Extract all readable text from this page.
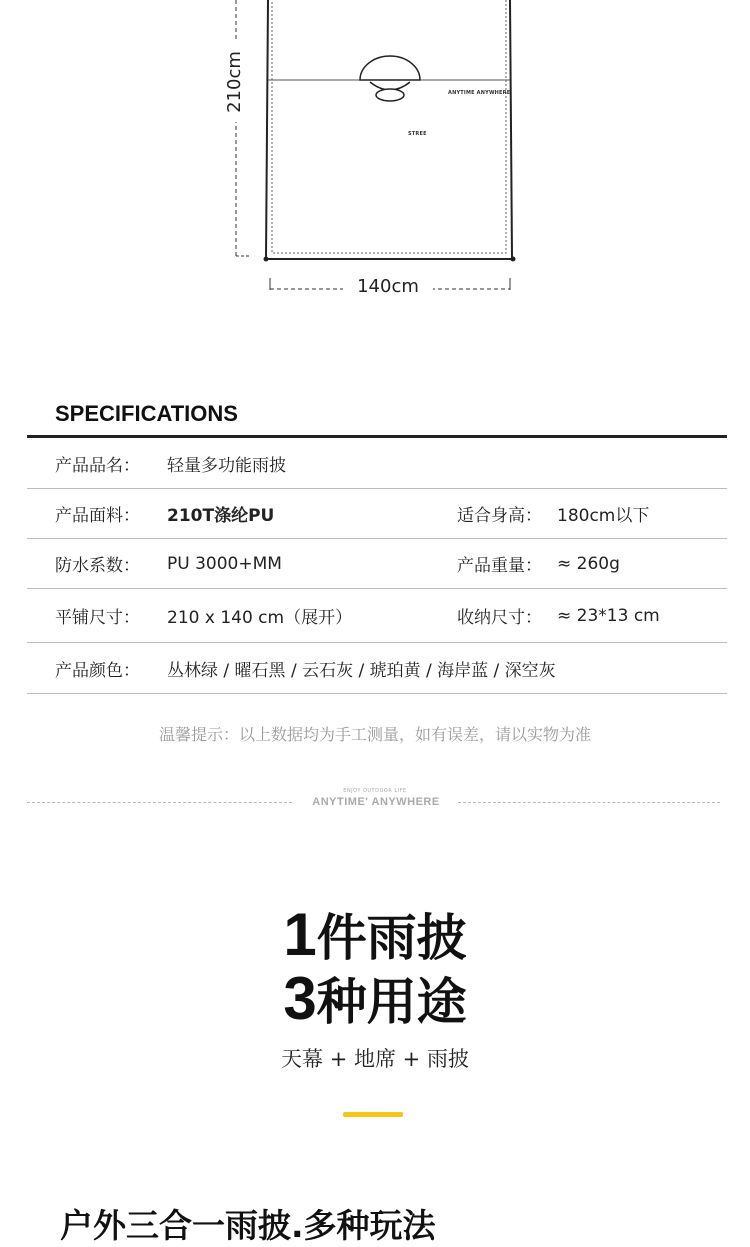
ANYTIME ANYWHERE
STREE
140cm
210cm
SPECIFICATIONS
产品品名： 轻量多功能雨披
产品面料： 210T涤纶PU	适合身高： 180cm以下
防水系数： PU 3000+MM	产品重量： ≈ 260g
平铺尺寸： 210 x 140 cm（展开）	收纳尺寸： ≈ 23*13 cm
产品颜色： 丛林绿 / 曜石黑 / 云石灰 / 琥珀黄 / 海岸蓝 / 深空灰
温馨提示：以上数据均为手工测量，如有误差，请以实物为准
ENJOY OUTDOOR LIFE
ANYTIME' ANYWHERE
1件雨披
3种用途
天幕 + 地席 + 雨披
户外三合一雨披.多种玩法
